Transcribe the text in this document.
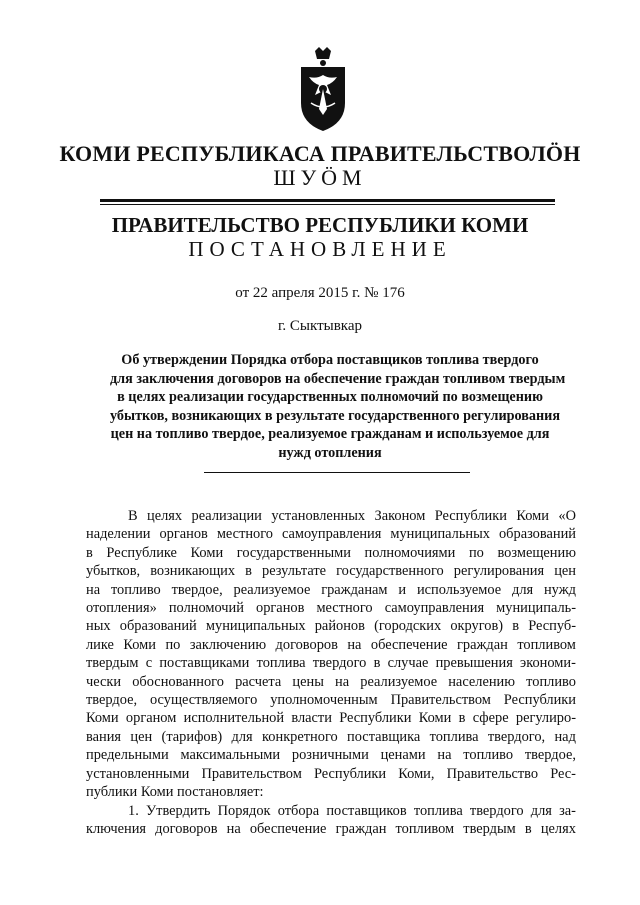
КОМИ РЕСПУБЛИКАСА ПРАВИТЕЛЬСТВОЛÖН
ШУÖМ
ПРАВИТЕЛЬСТВО РЕСПУБЛИКИ КОМИ
ПОСТАНОВЛЕНИЕ
от 22 апреля 2015 г. № 176
г. Сыктывкар
Об утверждении Порядка отбора поставщиков топлива твердого
для заключения договоров на обеспечение граждан топливом твердым
в целях реализации государственных полномочий по возмещению
убытков, возникающих в результате государственного регулирования
цен на топливо твердое, реализуемое гражданам и используемое для
нужд отопления
В целях реализации установленных Законом Республики Коми «О
наделении органов местного самоуправления муниципальных образований
в Республике Коми государственными полномочиями по возмещению
убытков, возникающих в результате государственного регулирования цен
на топливо твердое, реализуемое гражданам и используемое для нужд
отопления» полномочий органов местного самоуправления муниципаль-
ных образований муниципальных районов (городских округов) в Респуб-
лике Коми по заключению договоров на обеспечение граждан топливом
твердым с поставщиками топлива твердого в случае превышения экономи-
чески обоснованного расчета цены на реализуемое населению топливо
твердое, осуществляемого уполномоченным Правительством Республики
Коми органом исполнительной власти Республики Коми в сфере регулиро-
вания цен (тарифов) для конкретного поставщика топлива твердого, над
предельными максимальными розничными ценами на топливо твердое,
установленными Правительством Республики Коми, Правительство Рес-
публики Коми постановляет:
1. Утвердить Порядок отбора поставщиков топлива твердого для за-
ключения договоров на обеспечение граждан топливом твердым в целях
